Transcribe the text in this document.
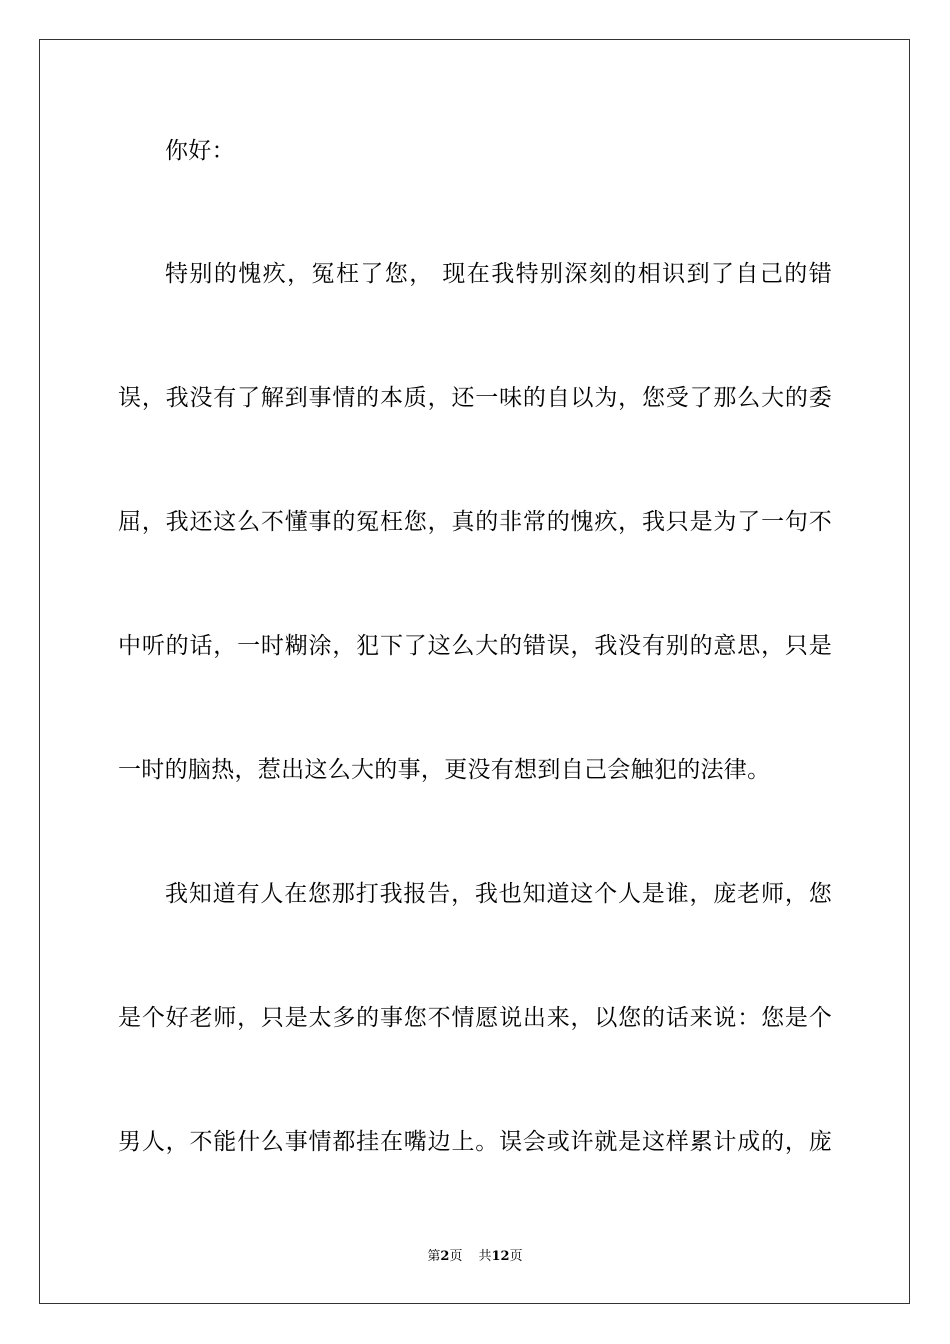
你好：
特别的愧疚，冤枉了您， 现在我特别深刻的相识到了自己的错
误，我没有了解到事情的本质，还一味的自以为，您受了那么大的委
屈，我还这么不懂事的冤枉您，真的非常的愧疚，我只是为了一句不
中听的话，一时糊涂，犯下了这么大的错误，我没有别的意思，只是
一时的脑热，惹出这么大的事，更没有想到自己会触犯的法律。
我知道有人在您那打我报告，我也知道这个人是谁，庞老师，您
是个好老师，只是太多的事您不情愿说出来，以您的话来说：您是个
男人，不能什么事情都挂在嘴边上。误会或许就是这样累计成的，庞
第2页 共12页
